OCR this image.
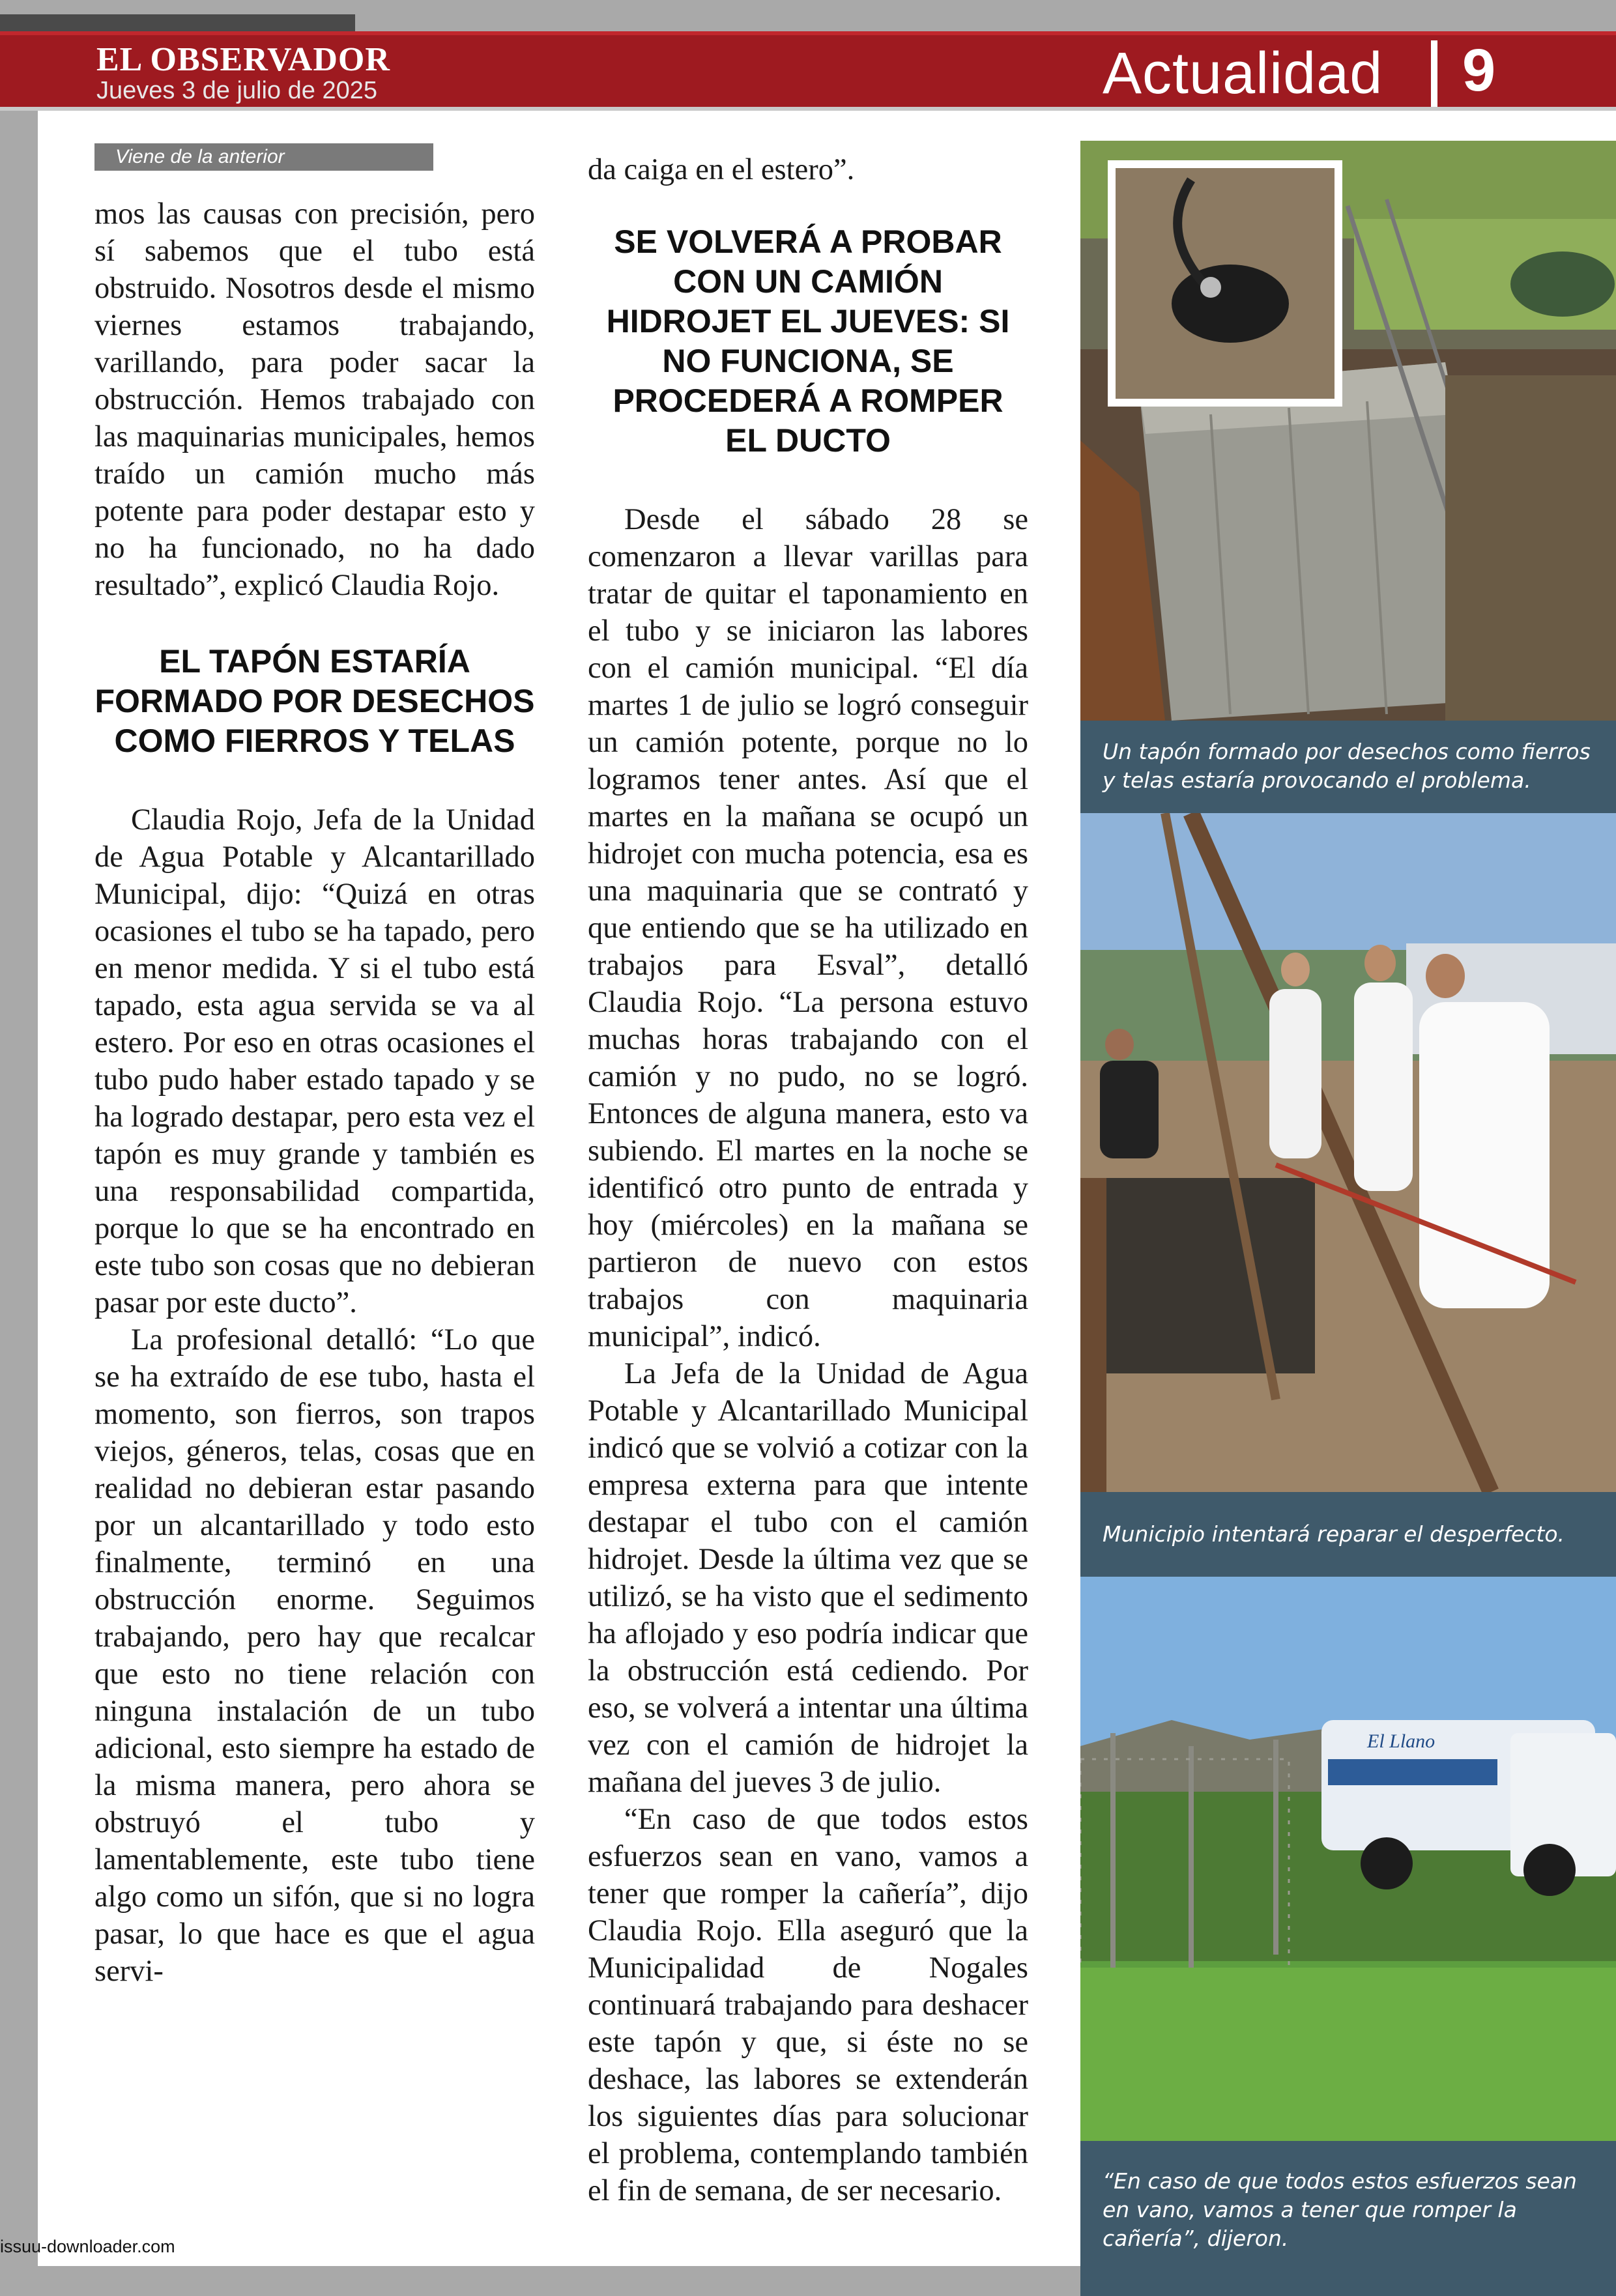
EL OBSERVADOR
Jueves 3 de julio de 2025	Actualidad 9
Viene de la anterior

mos las causas con precisión, pero sí sabemos que el tubo está obstruido. Nosotros desde el mismo viernes estamos trabajando, varillando, para poder sacar la obstrucción. Hemos trabajado con las maquinarias municipales, hemos traído un camión mucho más potente para poder destapar esto y no ha funcionado, no ha dado resultado”, explicó Claudia Rojo.

EL TAPÓN ESTARÍA FORMADO POR DESECHOS COMO FIERROS Y TELAS

Claudia Rojo, Jefa de la Unidad de Agua Potable y Alcantarillado Municipal, dijo: “Quizá en otras ocasiones el tubo se ha tapado, pero en menor medida. Y si el tubo está tapado, esta agua servida se va al estero. Por eso en otras ocasiones el tubo pudo haber estado tapado y se ha logrado destapar, pero esta vez el tapón es muy grande y también es una responsabilidad compartida, porque lo que se ha encontrado en este tubo son cosas que no debieran pasar por este ducto”.

La profesional detalló: “Lo que se ha extraído de ese tubo, hasta el momento, son fierros, son trapos viejos, géneros, telas, cosas que en realidad no debieran estar pasando por un alcantarillado y todo esto finalmente, terminó en una obstrucción enorme. Seguimos trabajando, pero hay que recalcar que esto no tiene relación con ninguna instalación de un tubo adicional, esto siempre ha estado de la misma manera, pero ahora se obstruyó el tubo y lamentablemente, este tubo tiene algo como un sifón, que si no logra pasar, lo que hace es que el agua servi-

da caiga en el estero”.

SE VOLVERÁ A PROBAR CON UN CAMIÓN HIDROJET EL JUEVES: SI NO FUNCIONA, SE PROCEDERÁ A ROMPER EL DUCTO

Desde el sábado 28 se comenzaron a llevar varillas para tratar de quitar el taponamiento en el tubo y se iniciaron las labores con el camión municipal. “El día martes 1 de julio se logró conseguir un camión potente, porque no lo logramos tener antes. Así que el martes en la mañana se ocupó un hidrojet con mucha potencia, esa es una maquinaria que se contrató y que entiendo que se ha utilizado en trabajos para Esval”, detalló Claudia Rojo. “La persona estuvo muchas horas trabajando con el camión y no pudo, no se logró. Entonces de alguna manera, esto va subiendo. El martes en la noche se identificó otro punto de entrada y hoy (miércoles) en la mañana se partieron de nuevo con estos trabajos con maquinaria municipal”, indicó.

La Jefa de la Unidad de Agua Potable y Alcantarillado Municipal indicó que se volvió a cotizar con la empresa externa para que intente destapar el tubo con el camión hidrojet. Desde la última vez que se utilizó, se ha visto que el sedimento ha aflojado y eso podría indicar que la obstrucción está cediendo. Por eso, se volverá a intentar una última vez con el camión de hidrojet la mañana del jueves 3 de julio.

“En caso de que todos estos esfuerzos sean en vano, vamos a tener que romper la cañería”, dijo Claudia Rojo. Ella aseguró que la Municipalidad de Nogales continuará trabajando para deshacer este tapón y que, si éste no se deshace, las labores se extenderán los siguientes días para solucionar el problema, contemplando también el fin de semana, de ser necesario.

Un tapón formado por desechos como fierros y telas estaría provocando el problema.
Municipio intentará reparar el desperfecto.
El Llano
“En caso de que todos estos esfuerzos sean en vano, vamos a tener que romper la cañería”, dijeron.
issuu-downloader.com
